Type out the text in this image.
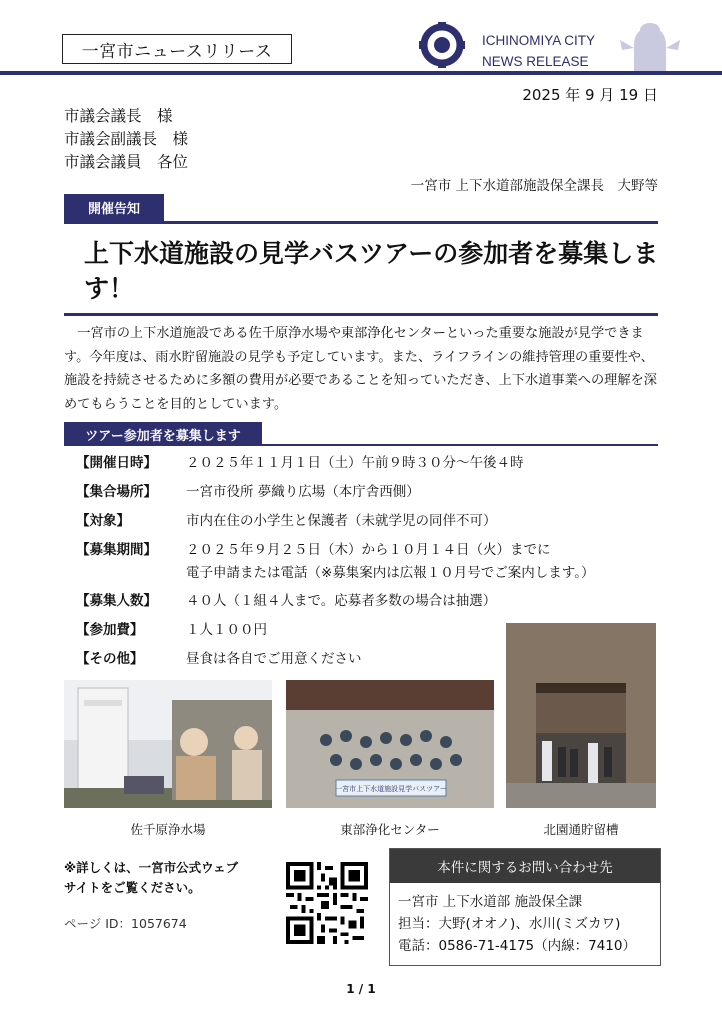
一宮市ニュースリリース
ICHINOMIYA CITY
NEWS RELEASE
2025 年 9 月 19 日
市議会議長　様
市議会副議長　様
市議会議員　各位
一宮市 上下水道部施設保全課長　大野等
開催告知
上下水道施設の見学バスツアーの参加者を募集します！
一宮市の上下水道施設である佐千原浄水場や東部浄化センターといった重要な施設が見学できます。今年度は、雨水貯留施設の見学も予定しています。また、ライフラインの維持管理の重要性や、施設を持続させるために多額の費用が必要であることを知っていただき、上下水道事業への理解を深めてもらうことを目的としています。
ツアー参加者を募集します
【開催日時】	２０２５年１１月１日（土）午前９時３０分～午後４時
【集合場所】	一宮市役所 夢織り広場（本庁舎西側）
【対象】	市内在住の小学生と保護者（未就学児の同伴不可）
【募集期間】	２０２５年９月２５日（木）から１０月１４日（火）までに
電子申請または電話（※募集案内は広報１０月号でご案内します。）
【募集人数】	４０人（１組４人まで。応募者多数の場合は抽選）
【参加費】	１人１００円
【その他】	昼食は各自でご用意ください
一宮市上下水道施設見学バスツアー
佐千原浄水場	東部浄化センター	北園通貯留槽
※詳しくは、一宮市公式ウェブ
サイトをご覧ください。
ページ ID：1057674
本件に関するお問い合わせ先
一宮市 上下水道部 施設保全課
担当：大野(オオノ)、水川(ミズカワ)
電話：0586-71-4175（内線：7410）
1 / 1
